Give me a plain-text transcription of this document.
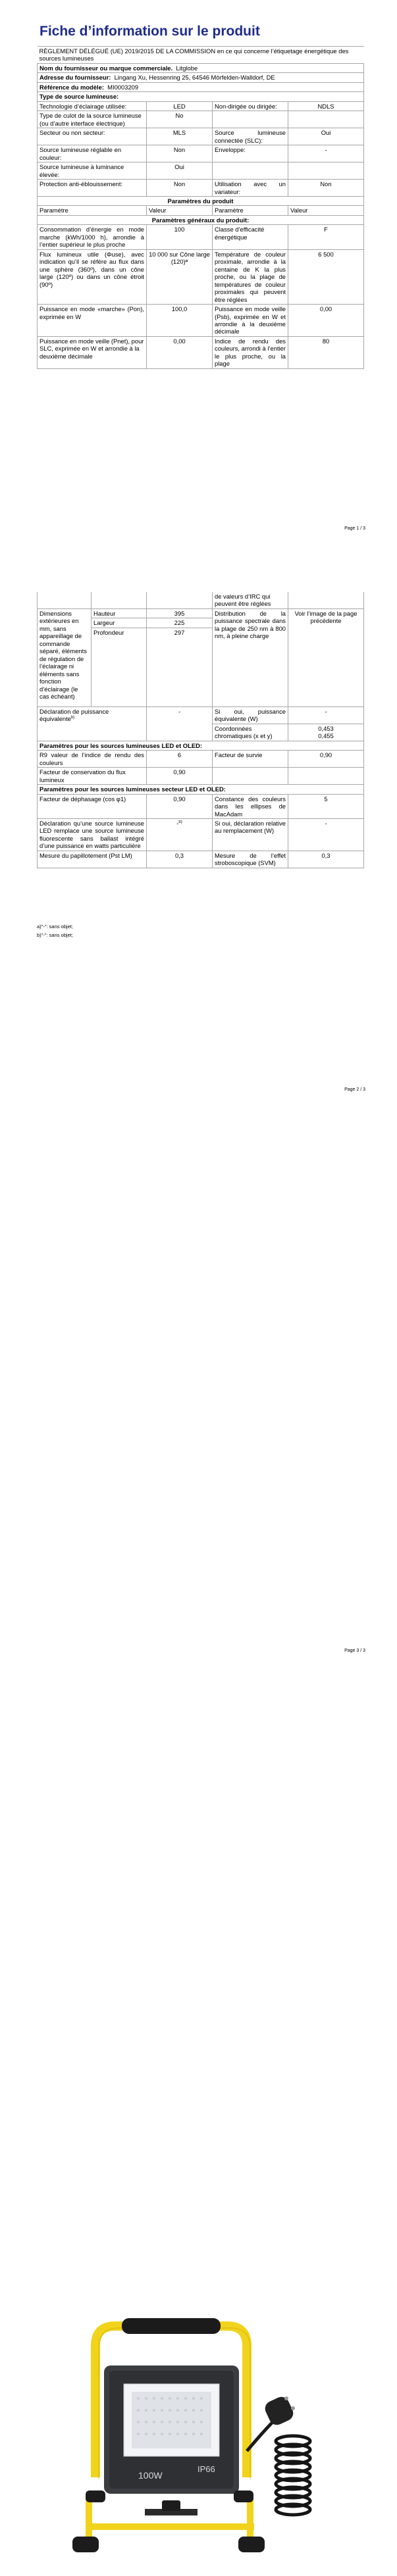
Fiche d’information sur le produit
RÈGLEMENT DÉLÉGUÉ (UE) 2019/2015 DE LA COMMISSION en ce qui concerne l’étiquetage énergétique des sources lumineuses			
Nom du fournisseur ou marque commerciale. Litglobe			
Adresse du fournisseur: Lingang Xu, Hessenring 25, 64546 Mörfelden-Walldorf, DE			
Référence du modèle: MI0003209			
Type de source lumineuse:			
Technologie d’éclairage utilisée:	LED	Non-dirigée ou dirigée:	NDLS
Type de culot de la source lumineuse (ou d’autre interface électrique)	No		
Secteur ou non secteur:	MLS	Source lumineuse connectée (SLC):	Oui
Source lumineuse réglable en couleur:	Non	Enveloppe:	-
Source lumineuse à luminance élevée:	Oui		
Protection anti-éblouissement:	Non	Utilisation avec un variateur:	Non
Paramètres du produit			
Paramètre	Valeur	Paramètre	Valeur
Paramètres généraux du produit:			
Consommation d’énergie en mode marche (kWh/1000 h), arrondie à l’entier supérieur le plus proche	100	Classe d’efficacité énergétique	F
Flux lumineux utile (Φuse), avec indication qu’il se réfère au flux dans une sphère (360º), dans un cône large (120º) ou dans un cône étroit (90º)	10 000 sur Cône large (120)ª	Température de couleur proximale, arrondie à la centaine de K la plus proche, ou la plage de températures de couleur proximales qui peuvent être réglées	6 500
Puissance en mode «marche» (Pon), exprimée en W	100,0	Puissance en mode veille (Psb), exprimée en W et arrondie à la deuxième décimale	0,00
Puissance en mode veille (Pnet), pour SLC, exprimée en W et arrondie à la deuxième décimale	0,00	Indice de rendu des couleurs, arrondi à l’entier le plus proche, ou la plage	80
Page 1 / 3
			de valeurs d’IRC qui peuvent être réglées	
Dimensions extérieures en mm, sans appareillage de commande séparé, éléments de régulation de l’éclairage ni éléments sans fonction d’éclairage (le cas échéant)	Hauteur	395	Distribution de la puissance spectrale dans la plage de 250 nm à 800 nm, à pleine charge	Voir l’image de la page précédente
	Largeur	225		
	Profondeur	297		
Déclaration de puissance équivalente$^{b)}$		-	Si oui, puissance équivalente (W)	-
			Coordonnées chromatiques (x et y)	0,453
0,455

Paramètres pour les sources lumineuses LED et OLED:				
R9 valeur de l’indice de rendu des couleurs		6	Facteur de survie	0,90
Facteur de conservation du flux lumineux		0,90		
Paramètres pour les sources lumineuses secteur LED et OLED:				
Facteur de déphasage (cos φ1)		0,90	Constance des couleurs dans les ellipses de MacAdam	5
Déclaration qu’une source lumineuse LED remplace une source lumineuse fluorescente sans ballast intégré d’une puissance en watts particulière		-$^{b)}$	Si oui, déclaration relative au remplacement (W)	-
Mesure du papillotement (Pst LM)		0,3	Mesure de l’effet stroboscopique (SVM)	0,3
a)"-": sans objet;
b)"-": sans objet;
Page 2 / 3
100W
IP66
Page 3 / 3
